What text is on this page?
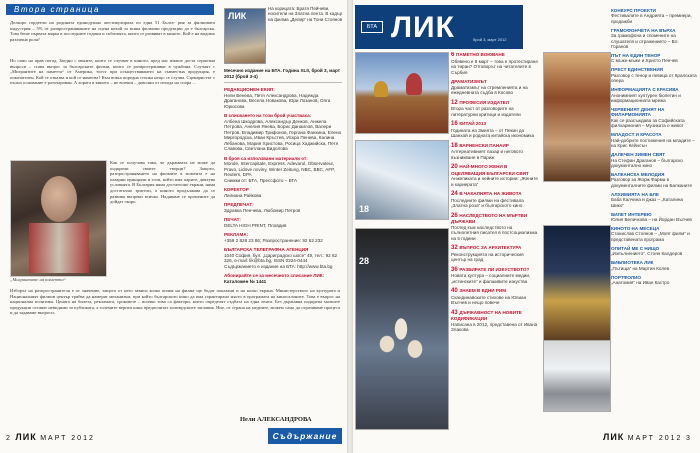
Втора страница
Делкоро гордеели на родината единодушно жестикулираха по една 51 Бълга- рия за филмовата индустрия – 5% от разпространяваните на сцена нехай за всяка филмови продукции да е българска. Това беше първата мярка в последните години и събитията, които се развиват в киното. Кой е на видимо различна роля?
Но само на прав погад. Заедно с мъките, които се случват в киното, пред нас имаше доста сериозни въпроси – става въпрос за българските филми, които се разпространяват в чужбина. Случаят с „Мигрантите на паметта“ от Америка, тоест при осъществяването на съвместна продукция, е показателен. Кой се отказва и кой се намесва? Към всяка поредна стъпка нещо се случва. Сценаристът с пълно основание е разочарован. А хората в киното – не всички – доволни от изхода на спора ...
„Мигрантите на паметта“
Как се получава така, че държавата не може да подкрепи своите творци? Защото, разпространяването на филмите в момента е на пазарни принципи и този, който има парите, диктува условията. В България няма достатъчно екрани, няма достатъчно зрители, а киното продължава да се развива въпреки всичко. Надяваме се промените да дойдат скоро.
Изборът на разпространителя е от значение, защото от него зависи колко копия на филма ще бъдат показани и на колко екрана. Министерството на културата и Националният филмов център трябва да намерят механизъм, при който българското кино да има гарантирано място в програмата на киносалоните. Това е въпрос на национална политика. Цената на билета, рекламата, сроковете – всичко това са фактори, които определят съдбата на една лента. Без държавна подкрепа малките продукции остават невидими за публиката, а големите вериги кина предпочитат холивудските заглавия. Ние, от страна на медиите, можем само да отразяваме процеса и да задаваме въпроси.
Нели АЛЕКСАНДРОВА
2 ЛИК МАРТ 2012	Съдържание
ЛИК
На корицата: Братя Пейчеви, носители на Златна лента. В кадър на филма „Делир“ на Тони Стоянов
Месечно издание на БТА. Година XLII, брой 3, март 2012 (брой 3-4)
РЕДАКЦИОНЕН ЕКИП:
Нели Венева, Петя Александрова, Надежда Драганова, Весела Новакова, Юри Лозанов, Олга Юрюсова
В списването на този брой участваха:
Албена Шкодрова, Александър Денков, Анжела Петрова, Анелия Янева, Борис Данаилов, Валери Петров, Владимир Трифонов, Гергана Фанкина, Елена Миргородска, Иван Кръстев, Искра Пенева, Калина Лебанова, Мария Христова, Росица Хаджийска, Петя Славова, Светлана Видолова
В броя са използвани материали от:
Monde, Intercapitale, Express, Adevarul, Observateur, Pravo, Lidove noviny, Winter Zeitung, NBC, BBC, AFP, Reuters, DPA
Снимки от: БТА, Прессфото – БТА
КОРЕКТОР
Лилиана Райкова
ПРЕДПЕЧАТ:
Здравка Пенчева, Любомир Петров
ПЕЧАТ:
DELTA HIGH PRINT, Пловдив
РЕКЛАМА:
+359 2 926 23 86; Разпространение: 92 62 232
БЪЛГАРСКА ТЕЛЕГРАФНА АГЕНЦИЯ
1040 София, бул. „Цариградско шосе“ 49, тел.: 92 62 326, e-mail: lik@bta.bg, ISSN 0324-0444
Съдържанието е издание на БТА: http://www.bta.bg
Абонирайте се за месечното списание ЛИК:
Каталожен № 1441
БТА ЛИК	брой 3, март 2012
18
28
6 ПАМЕТНО ВОЮВАНЕ
Обявено е 8 март – това е протестиране на тиран? Отговорът на читателите в Сърбия
ДРАМАТИЗМЪТ
Драматизмът на стремленията и на ежедневната съдба в Косово
12 ПРОФЕСИЯ ИЗДАТЕЛ
Втора част от разговорите на литературни критици и издатели
16 КИТАЙ 2013
Годината на Змията – от Пекин до Шанхай и родната китайска икономика
18 ВАРНЕНСКИ ПАНАИР
Алтернативният пазар и неговото възникване в Париж
20 НАЙ-МНОГО ЖЕНИ В ОЦЕЛЯВАЩИЯ БЪЛГАРСКИ СВЯТ
Анжеликата и нейните истории: „Жените и кариерата“
24 В ЧАКАЛНЯТА НА ЖИВОТА
Последните филми на фестивала „Златна роза“ и българското кино
26 НАСЛЕДСТВОТО НА МЪРТВИ ДЪРЖАВИ
Поглед към наследството на пълнолетния писател в постсоциализма на 5 години
32 ВЪПРОС ЗА АРХИТЕКТУРА
Реконструкцията на историческия център на град
36 РАЗБИРАТЕ ЛИ ИЗКУСТВОТО?
Новата култура – социалните медии, „истинските“ и фалшивите изкуства
40 ЗНАЕМ В ЕДНИ РИМ
Скандинавските стихове на Юлиан Вълчев и нещо повече
43 ДЪРЖАВНОСТ НА НОВИТЕ КОДИФИКАЦИИ
Написана в 2012, представена от Ивана Злакова
КОНКУРС ПРОЕКТИ
Фестивалите в Андрията – премиери, продажби
ГРАМОФОНЧЕТА НА ВЪРХА
За грамофона и спомените на слушателя и отражението – Вл. Горанов
ПЪТ НА ЕДИН ТЕНОР
С мъже-мъже и Христо Пенчев
ПРЕСТ ЕДИНСТВЕНИЯ
Разговор с тенор и певица от Кралската опера
ИНФОРМАЦИЯТА С КРАСИВА
Анонимният културен бюлетин и информационната мрежа
ЧЕРВЕНИЯТ ДЕНЯТ НА ФИЛАРМОНИЯТА
Как се разсъждава за Софийската филхармония – Музиката е живот
МЛАДОСТ И КРАСОТА
Най-добрите постижения на младите – на Крис Кейнсън
ДАЛЕЧЕН ЗИМЕН СВЯТ
На Стефан Драганов – българско документално кино
БАЛКАНСКА МЕЛОДИЯ
Разговор за Жорж Фарма в документалните филми на Балканите
АЛХИМИЯТА НА БЛЕ
Баба Калчина и джаз – „Каталина Шико“
БИЛЕТ ИНТЕРВЮ
Юлия Величкова – на Йордан Вълчев
КИНОТО НА МЕСЕЦА
Станислав Стоянов – „Моят филм“ и представената програма
ОПИТАЙ МЕ С НИЩО
„Изпълнението“, Стоян Калдеров
БИБЛИОТЕКА ЛИК
„Пътища“ на Мартин Колев
ПОРТФОЛИО
„Анатомия“ на Иван Кастро
ЛИК МАРТ 2012 3
